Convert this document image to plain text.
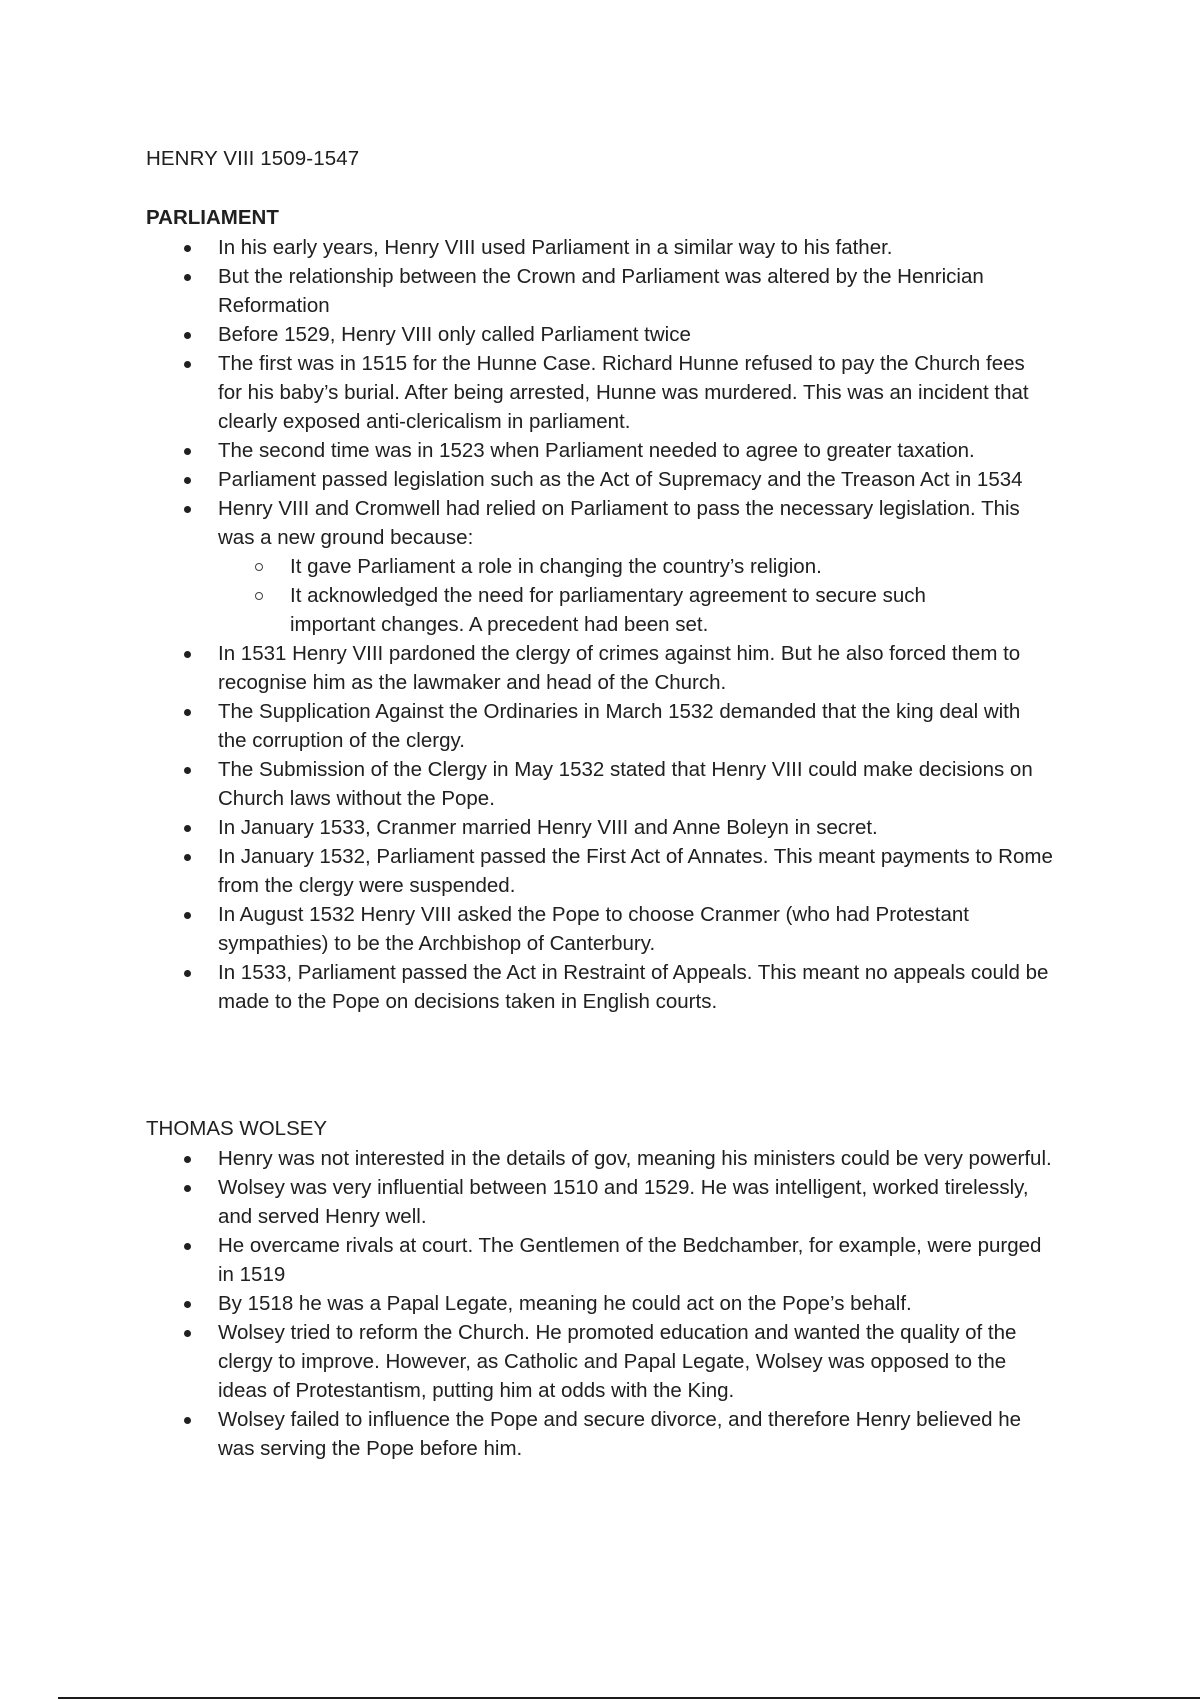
HENRY VIII 1509-1547
PARLIAMENT
In his early years, Henry VIII used Parliament in a similar way to his father.
But the relationship between the Crown and Parliament was altered by the Henrician Reformation
Before 1529, Henry VIII only called Parliament twice
The first was in 1515 for the Hunne Case. Richard Hunne refused to pay the Church fees for his baby’s burial. After being arrested, Hunne was murdered. This was an incident that clearly exposed anti-clericalism in parliament.
The second time was in 1523 when Parliament needed to agree to greater taxation.
Parliament passed legislation such as the Act of Supremacy and the Treason Act in 1534
Henry VIII and Cromwell had relied on Parliament to pass the necessary legislation. This was a new ground because:
It gave Parliament a role in changing the country’s religion.
It acknowledged the need for parliamentary agreement to secure such important changes. A precedent had been set.
In 1531 Henry VIII pardoned the clergy of crimes against him. But he also forced them to recognise him as the lawmaker and head of the Church.
The Supplication Against the Ordinaries in March 1532 demanded that the king deal with the corruption of the clergy.
The Submission of the Clergy in May 1532 stated that Henry VIII could make decisions on Church laws without the Pope.
In January 1533, Cranmer married Henry VIII and Anne Boleyn in secret.
In January 1532, Parliament passed the First Act of Annates. This meant payments to Rome from the clergy were suspended.
In August 1532 Henry VIII asked the Pope to choose Cranmer (who had Protestant sympathies) to be the Archbishop of Canterbury.
In 1533, Parliament passed the Act in Restraint of Appeals. This meant no appeals could be made to the Pope on decisions taken in English courts.
THOMAS WOLSEY
Henry was not interested in the details of gov, meaning his ministers could be very powerful.
Wolsey was very influential between 1510 and 1529. He was intelligent, worked tirelessly, and served Henry well.
He overcame rivals at court. The Gentlemen of the Bedchamber, for example, were purged in 1519
By 1518 he was a Papal Legate, meaning he could act on the Pope’s behalf.
Wolsey tried to reform the Church. He promoted education and wanted the quality of the clergy to improve. However, as Catholic and Papal Legate, Wolsey was opposed to the ideas of Protestantism, putting him at odds with the King.
Wolsey failed to influence the Pope and secure divorce, and therefore Henry believed he was serving the Pope before him.
